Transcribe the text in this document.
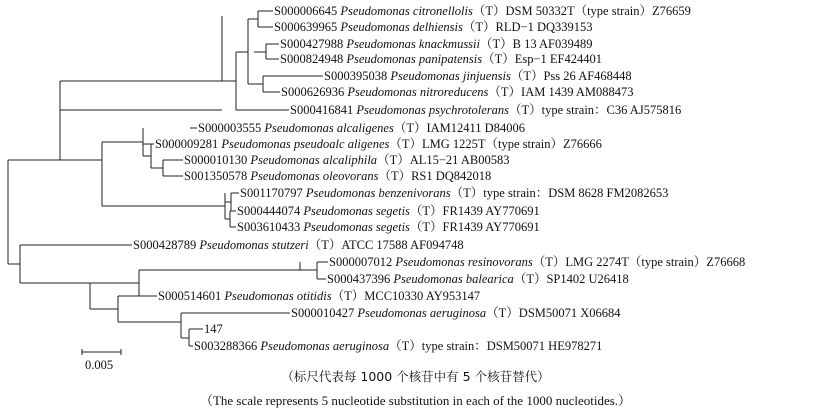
S000006645 Pseudomonas citronellolis（T）DSM 50332T（type strain）Z76659
S000639965 Pseudomonas delhiensis（T）RLD−1 DQ339153
S000427988 Pseudomonas knackmussii（T）B 13 AF039489
S000824948 Pseudomonas panipatensis（T）Esp−1 EF424401
S000395038 Pseudomonas jinjuensis（T）Pss 26 AF468448
S000626936 Pseudomonas nitroreducens（T）IAM 1439 AM088473
S000416841 Pseudomonas psychrotolerans（T）type strain：C36 AJ575816
S000003555 Pseudomonas alcaligenes（T）IAM12411 D84006
S000009281 Pseudomonas pseudoalc aligenes（T）LMG 1225T（type strain）Z76666
S000010130 Pseudomonas alcaliphila（T）AL15−21 AB00583
S001350578 Pseudomonas oleovorans（T）RS1 DQ842018
S001170797 Pseudomonas benzenivorans（T）type strain：DSM 8628 FM2082653
S000444074 Pseudomonas segetis（T）FR1439 AY770691
S003610433 Pseudomonas segetis（T）FR1439 AY770691
S000428789 Pseudomonas stutzeri（T）ATCC 17588 AF094748
S000007012 Pseudomonas resinovorans（T）LMG 2274T（type strain）Z76668
S000437396 Pseudomonas balearica（T）SP1402 U26418
S000514601 Pseudomonas otitidis（T）MCC10330 AY953147
S000010427 Pseudomonas aeruginosa（T）DSM50071 X06684
147
S003288366 Pseudomonas aeruginosa（T）type strain：DSM50071 HE978271
0.005
（标尺代表每 1000 个核苷中有 5 个核苷替代）
（The scale represents 5 nucleotide substitution in each of the 1000 nucleotides.）
